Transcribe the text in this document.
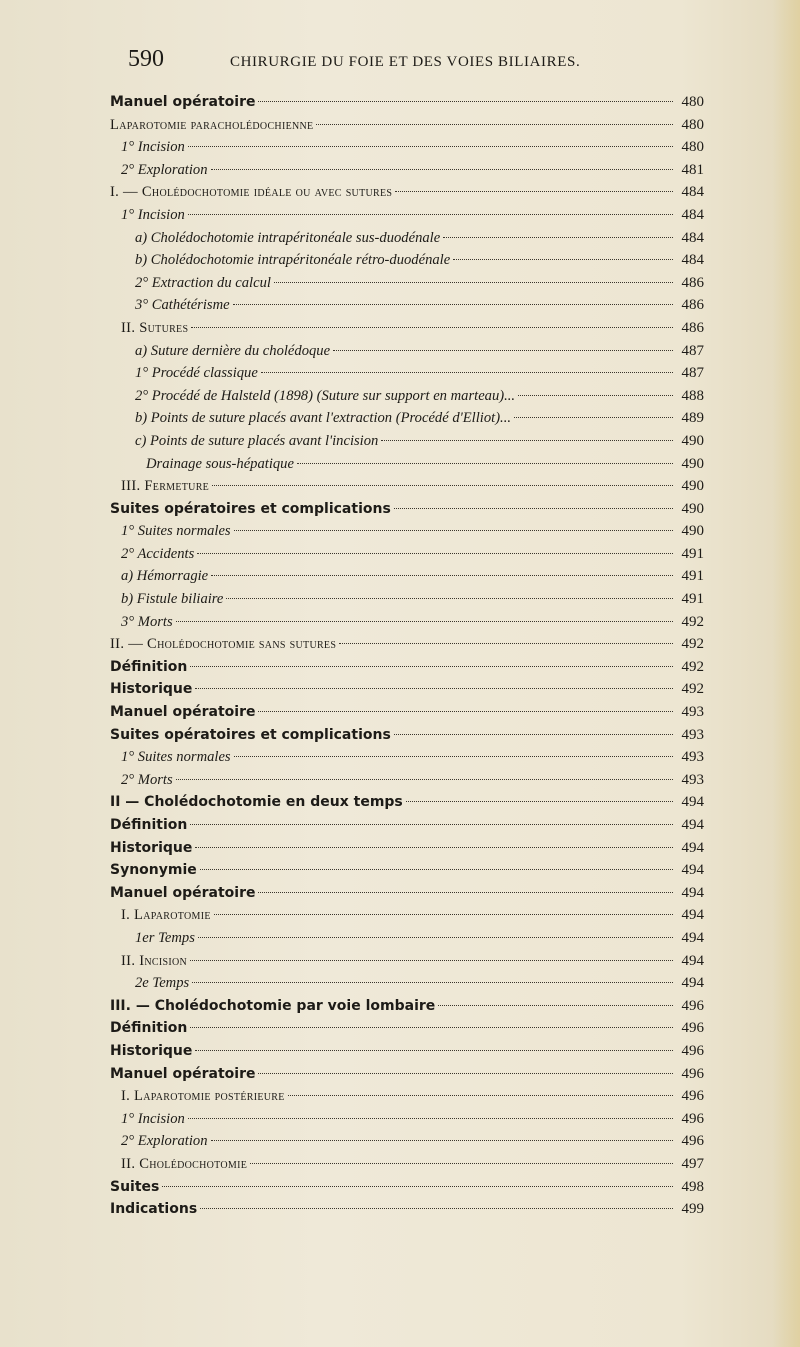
590	CHIRURGIE DU FOIE ET DES VOIES BILIAIRES.
Manuel opératoire	480
Laparotomie paracholédochienne	480
1° Incision	480
2° Exploration	481
I. — Cholédochotomie idéale ou avec sutures	484
1° Incision	484
a) Cholédochotomie intrapéritonéale sus-duodénale	484
b) Cholédochotomie intrapéritonéale rétro-duodénale	484
2° Extraction du calcul	486
3° Cathétérisme	486
II. Sutures	486
a) Suture dernière du cholédoque	487
1° Procédé classique	487
2° Procédé de Halsteld (1898) (Suture sur support en marteau)...	488
b) Points de suture placés avant l'extraction (Procédé d'Elliot)...	489
c) Points de suture placés avant l'incision	490
Drainage sous-hépatique	490
III. Fermeture	490
Suites opératoires et complications	490
1° Suites normales	490
2° Accidents	491
a) Hémorragie	491
b) Fistule biliaire	491
3° Morts	492
II. — Cholédochotomie sans sutures	492
Définition	492
Historique	492
Manuel opératoire	493
Suites opératoires et complications	493
1° Suites normales	493
2° Morts	493
II — Cholédochotomie en deux temps	494
Définition	494
Historique	494
Synonymie	494
Manuel opératoire	494
I. Laparotomie	494
1er Temps	494
II. Incision	494
2e Temps	494
III. — Cholédochotomie par voie lombaire	496
Définition	496
Historique	496
Manuel opératoire	496
I. Laparotomie postérieure	496
1° Incision	496
2° Exploration	496
II. Cholédochotomie	497
Suites	498
Indications	499
